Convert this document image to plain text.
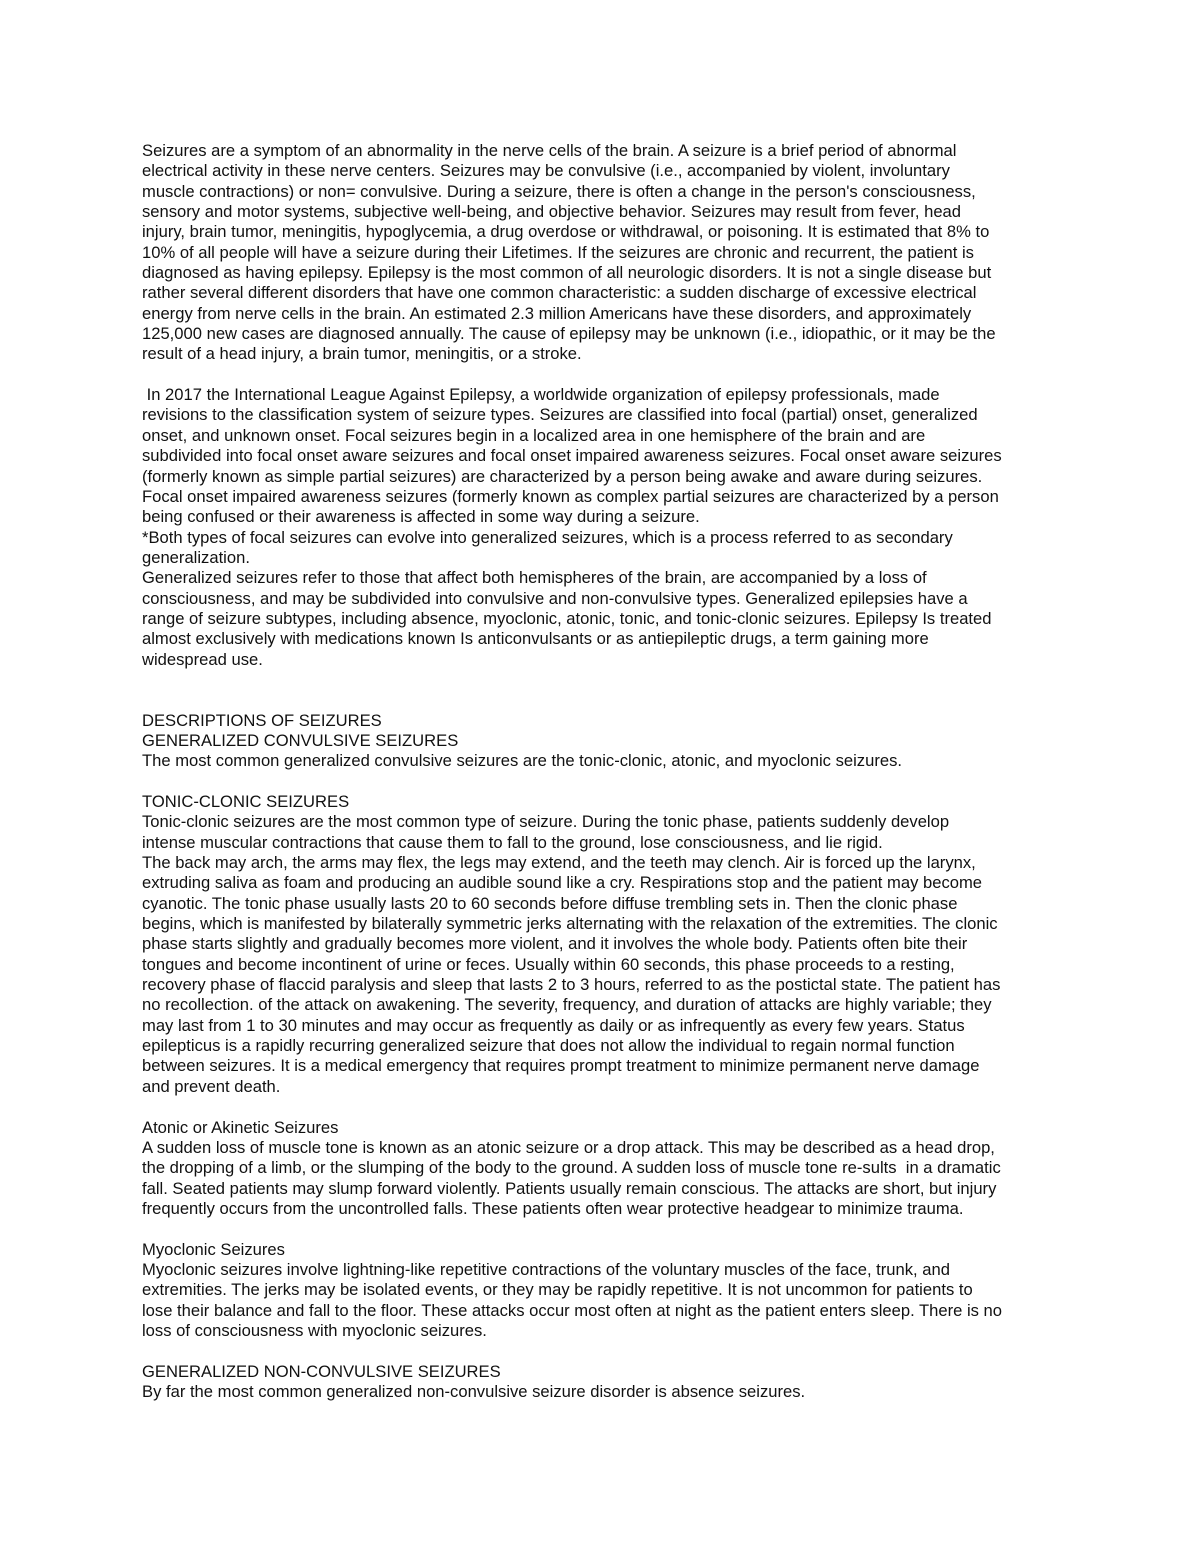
Seizures are a symptom of an abnormality in the nerve cells of the brain. A seizure is a brief period of abnormal
electrical activity in these nerve centers. Seizures may be convulsive (i.e., accompanied by violent, involuntary
muscle contractions) or non= convulsive. During a seizure, there is often a change in the person's consciousness,
sensory and motor systems, subjective well-being, and objective behavior. Seizures may result from fever, head
injury, brain tumor, meningitis, hypoglycemia, a drug overdose or withdrawal, or poisoning. It is estimated that 8% to
10% of all people will have a seizure during their Lifetimes. If the seizures are chronic and recurrent, the patient is
diagnosed as having epilepsy. Epilepsy is the most common of all neurologic disorders. It is not a single disease but
rather several different disorders that have one common characteristic: a sudden discharge of excessive electrical
energy from nerve cells in the brain. An estimated 2.3 million Americans have these disorders, and approximately
125,000 new cases are diagnosed annually. The cause of epilepsy may be unknown (i.e., idiopathic, or it may be the
result of a head injury, a brain tumor, meningitis, or a stroke.
In 2017 the International League Against Epilepsy, a worldwide organization of epilepsy professionals, made
revisions to the classification system of seizure types. Seizures are classified into focal (partial) onset, generalized
onset, and unknown onset. Focal seizures begin in a localized area in one hemisphere of the brain and are
subdivided into focal onset aware seizures and focal onset impaired awareness seizures. Focal onset aware seizures
(formerly known as simple partial seizures) are characterized by a person being awake and aware during seizures.
Focal onset impaired awareness seizures (formerly known as complex partial seizures are characterized by a person
being confused or their awareness is affected in some way during a seizure.
*Both types of focal seizures can evolve into generalized seizures, which is a process referred to as secondary
generalization.
Generalized seizures refer to those that affect both hemispheres of the brain, are accompanied by a loss of
consciousness, and may be subdivided into convulsive and non-convulsive types. Generalized epilepsies have a
range of seizure subtypes, including absence, myoclonic, atonic, tonic, and tonic-clonic seizures. Epilepsy Is treated
almost exclusively with medications known Is anticonvulsants or as antiepileptic drugs, a term gaining more
widespread use.
DESCRIPTIONS OF SEIZURES
GENERALIZED CONVULSIVE SEIZURES
The most common generalized convulsive seizures are the tonic-clonic, atonic, and myoclonic seizures.
TONIC-CLONIC SEIZURES
Tonic-clonic seizures are the most common type of seizure. During the tonic phase, patients suddenly develop
intense muscular contractions that cause them to fall to the ground, lose consciousness, and lie rigid.
The back may arch, the arms may flex, the legs may extend, and the teeth may clench. Air is forced up the larynx,
extruding saliva as foam and producing an audible sound like a cry. Respirations stop and the patient may become
cyanotic. The tonic phase usually lasts 20 to 60 seconds before diffuse trembling sets in. Then the clonic phase
begins, which is manifested by bilaterally symmetric jerks alternating with the relaxation of the extremities. The clonic
phase starts slightly and gradually becomes more violent, and it involves the whole body. Patients often bite their
tongues and become incontinent of urine or feces. Usually within 60 seconds, this phase proceeds to a resting,
recovery phase of flaccid paralysis and sleep that lasts 2 to 3 hours, referred to as the postictal state. The patient has
no recollection. of the attack on awakening. The severity, frequency, and duration of attacks are highly variable; they
may last from 1 to 30 minutes and may occur as frequently as daily or as infrequently as every few years. Status
epilepticus is a rapidly recurring generalized seizure that does not allow the individual to regain normal function
between seizures. It is a medical emergency that requires prompt treatment to minimize permanent nerve damage
and prevent death.
Atonic or Akinetic Seizures
A sudden loss of muscle tone is known as an atonic seizure or a drop attack. This may be described as a head drop,
the dropping of a limb, or the slumping of the body to the ground. A sudden loss of muscle tone re-sults  in a dramatic
fall. Seated patients may slump forward violently. Patients usually remain conscious. The attacks are short, but injury
frequently occurs from the uncontrolled falls. These patients often wear protective headgear to minimize trauma.
Myoclonic Seizures
Myoclonic seizures involve lightning-like repetitive contractions of the voluntary muscles of the face, trunk, and
extremities. The jerks may be isolated events, or they may be rapidly repetitive. It is not uncommon for patients to
lose their balance and fall to the floor. These attacks occur most often at night as the patient enters sleep. There is no
loss of consciousness with myoclonic seizures.
GENERALIZED NON-CONVULSIVE SEIZURES
By far the most common generalized non-convulsive seizure disorder is absence seizures.
